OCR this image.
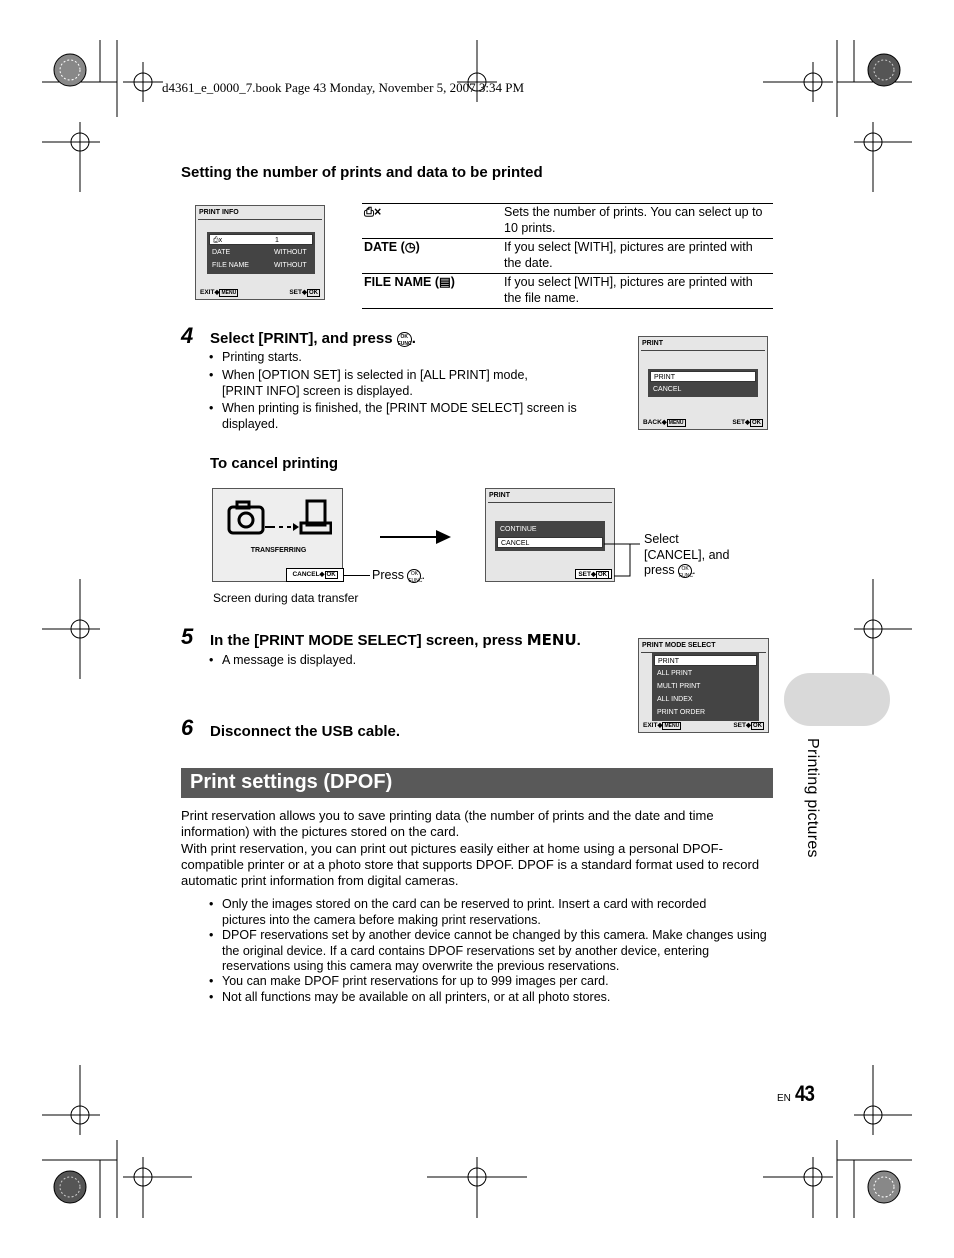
d4361_e_0000_7.book Page 43 Monday, November 5, 2007 3:34 PM
Setting the number of prints and data to be printed
PRINT INFO
⎙x	1
DATE	WITHOUT
FILE NAME	WITHOUT
EXIT◆ MENU	SET◆ OK
⎙×	Sets the number of prints. You can select up to 10 prints.
DATE (◷)	If you select [WITH], pictures are printed with the date.
FILE NAME (▤)	If you select [WITH], pictures are printed with the file name.
4 Select [PRINT], and press OK
FUNC.
• Printing starts.
• When [OPTION SET] is selected in [ALL PRINT] mode, [PRINT INFO] screen is displayed.
• When printing is finished, the [PRINT MODE SELECT] screen is displayed.
PRINT
PRINT
CANCEL
BACK◆ MENU	SET◆ OK
To cancel printing
TRANSFERRING
CANCEL◆ OK	Press OK
FUNC.
Screen during data transfer
PRINT
CONTINUE
CANCEL
SET◆ OK
Select
[CANCEL], and
press OK
FUNC.
5 In the [PRINT MODE SELECT] screen, press MENU.
• A message is displayed.
PRINT MODE SELECT
PRINT
ALL PRINT
MULTI PRINT
ALL INDEX
PRINT ORDER
EXIT◆ MENU	SET◆ OK
6 Disconnect the USB cable.
Print settings (DPOF)
Print reservation allows you to save printing data (the number of prints and the date and time information) with the pictures stored on the card.
With print reservation, you can print out pictures easily either at home using a personal DPOF-compatible printer or at a photo store that supports DPOF. DPOF is a standard format used to record automatic print information from digital cameras.
• Only the images stored on the card can be reserved to print. Insert a card with recorded pictures into the camera before making print reservations.
• DPOF reservations set by another device cannot be changed by this camera. Make changes using the original device. If a card contains DPOF reservations set by another device, entering reservations using this camera may overwrite the previous reservations.
• You can make DPOF print reservations for up to 999 images per card.
• Not all functions may be available on all printers, or at all photo stores.
Printing pictures
EN 43
